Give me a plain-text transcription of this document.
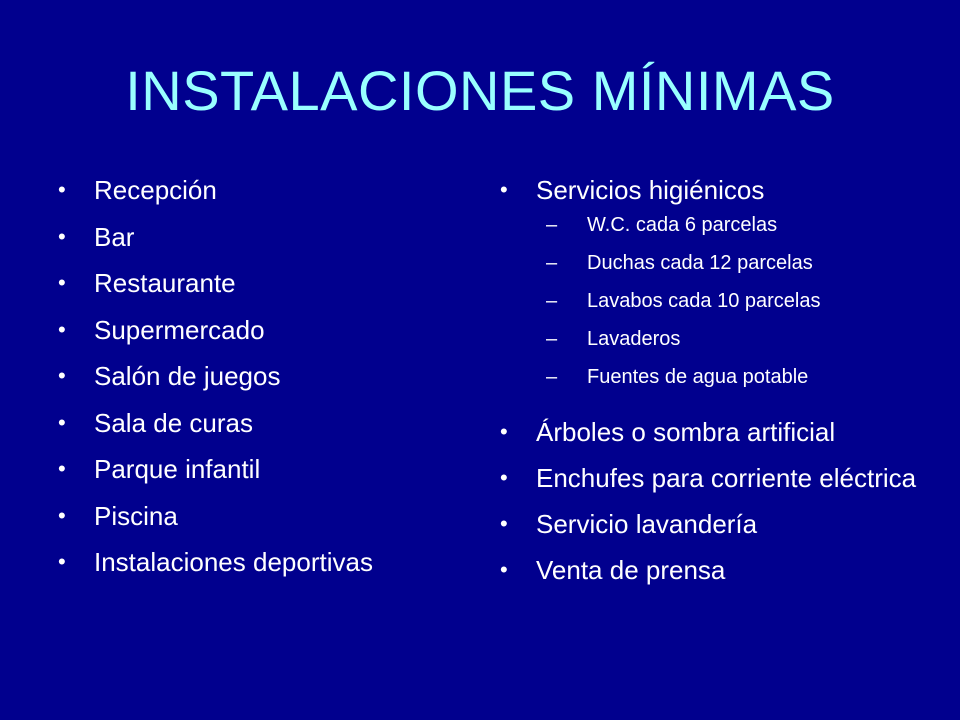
INSTALACIONES MÍNIMAS
• Recepción
• Bar
• Restaurante
• Supermercado
• Salón de juegos
• Sala de curas
• Parque infantil
• Piscina
• Instalaciones deportivas
• Servicios higiénicos
– W.C. cada 6 parcelas
– Duchas cada 12 parcelas
– Lavabos cada 10 parcelas
– Lavaderos
– Fuentes de agua potable
• Árboles o sombra artificial
• Enchufes para corriente eléctrica
• Servicio lavandería
• Venta de prensa
